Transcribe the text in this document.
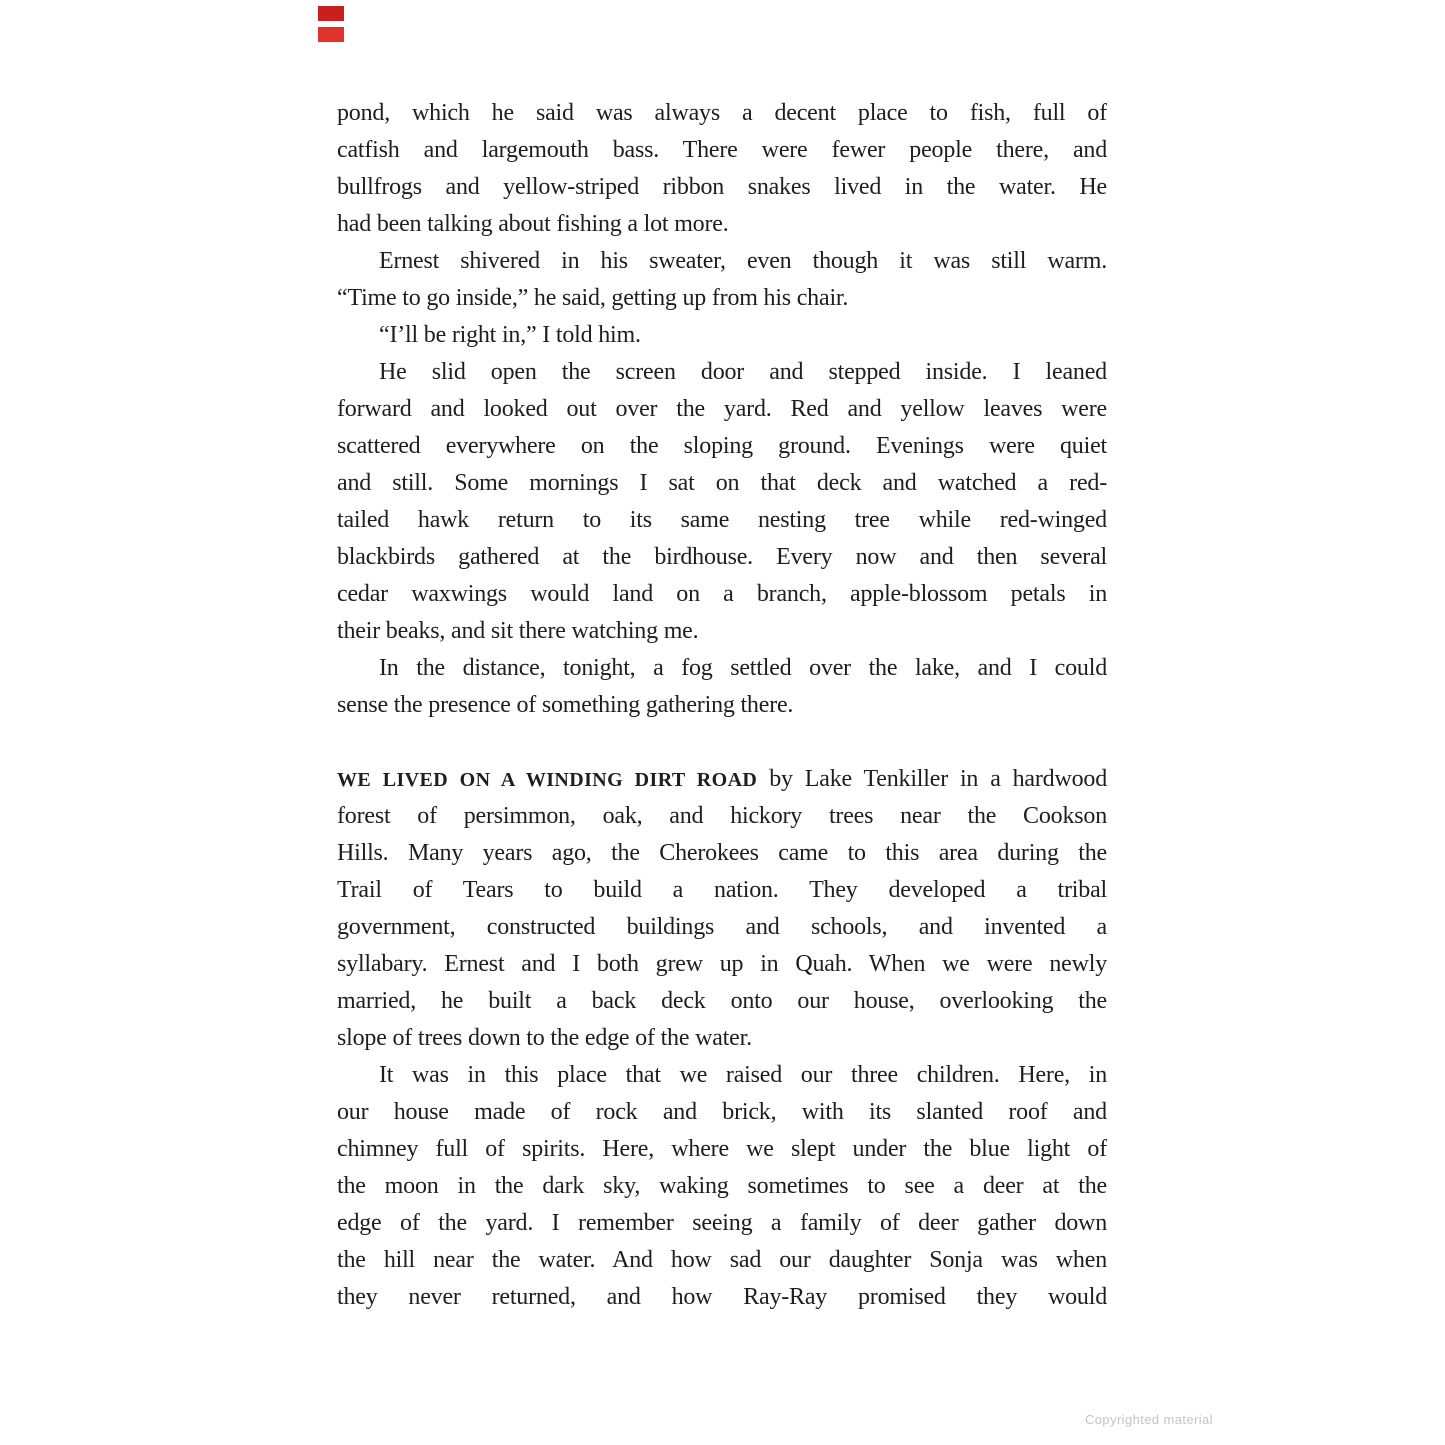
pond, which he said was always a decent place to fish, full of
catfish and largemouth bass. There were fewer people there, and
bullfrogs and yellow-striped ribbon snakes lived in the water. He
had been talking about fishing a lot more.
Ernest shivered in his sweater, even though it was still warm.
“Time to go inside,” he said, getting up from his chair.
“I’ll be right in,” I told him.
He slid open the screen door and stepped inside. I leaned
forward and looked out over the yard. Red and yellow leaves were
scattered everywhere on the sloping ground. Evenings were quiet
and still. Some mornings I sat on that deck and watched a red-
tailed hawk return to its same nesting tree while red-winged
blackbirds gathered at the birdhouse. Every now and then several
cedar waxwings would land on a branch, apple-blossom petals in
their beaks, and sit there watching me.
In the distance, tonight, a fog settled over the lake, and I could
sense the presence of something gathering there.
WE LIVED ON A WINDING DIRT ROAD by Lake Tenkiller in a hardwood
forest of persimmon, oak, and hickory trees near the Cookson
Hills. Many years ago, the Cherokees came to this area during the
Trail of Tears to build a nation. They developed a tribal
government, constructed buildings and schools, and invented a
syllabary. Ernest and I both grew up in Quah. When we were newly
married, he built a back deck onto our house, overlooking the
slope of trees down to the edge of the water.
It was in this place that we raised our three children. Here, in
our house made of rock and brick, with its slanted roof and
chimney full of spirits. Here, where we slept under the blue light of
the moon in the dark sky, waking sometimes to see a deer at the
edge of the yard. I remember seeing a family of deer gather down
the hill near the water. And how sad our daughter Sonja was when
they never returned, and how Ray-Ray promised they would
Copyrighted material
